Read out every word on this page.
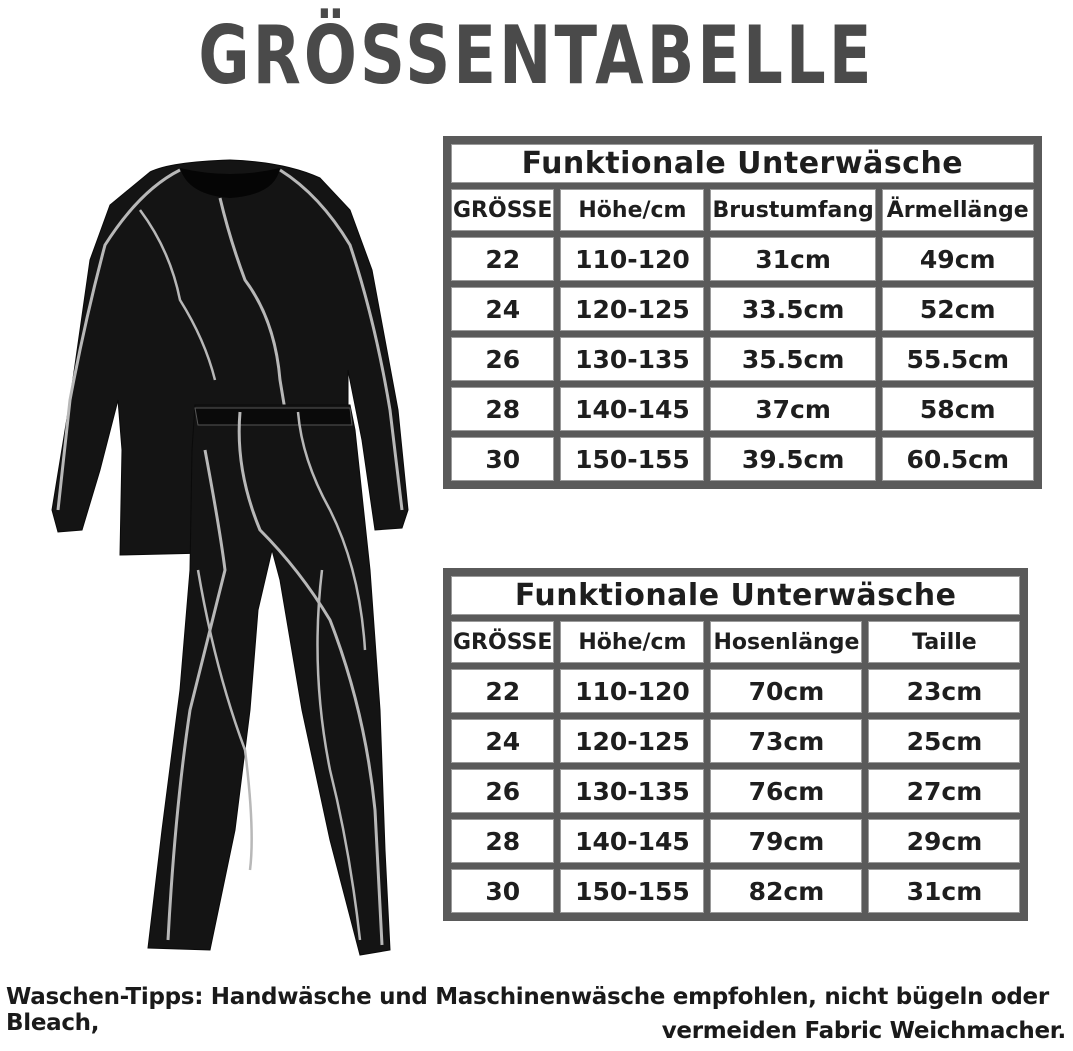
GRÖSSENTABELLE
Funktionale Unterwäsche			
GRÖSSE	Höhe/cm	Brustumfang	Ärmellänge
22	110-120	31cm	49cm
24	120-125	33.5cm	52cm
26	130-135	35.5cm	55.5cm
28	140-145	37cm	58cm
30	150-155	39.5cm	60.5cm
Funktionale Unterwäsche			
GRÖSSE	Höhe/cm	Hosenlänge	Taille
22	110-120	70cm	23cm
24	120-125	73cm	25cm
26	130-135	76cm	27cm
28	140-145	79cm	29cm
30	150-155	82cm	31cm
Waschen-Tipps: Handwäsche und Maschinenwäsche empfohlen, nicht bügeln oder Bleach,	vermeiden Fabric Weichmacher.
